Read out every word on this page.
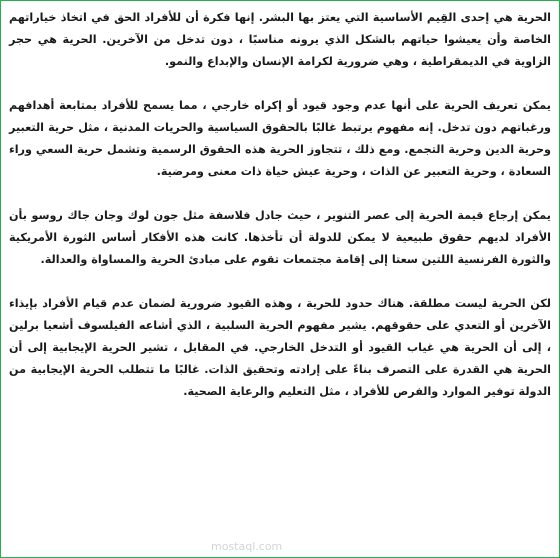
الحرية هي إحدى القِيم الأساسية التي يعتز بها البشر. إنها فكرة أن للأفراد الحق في اتخاذ خياراتهم الخاصة وأن يعيشوا حياتهم بالشكل الذي يرونه مناسبًا ، دون تدخل من الآخرين. الحرية هي حجر الزاوية في الديمقراطية ، وهي ضرورية لكرامة الإنسان والإبداع والنمو.

يمكن تعريف الحرية على أنها عدم وجود قيود أو إكراه خارجي ، مما يسمح للأفراد بمتابعة أهدافهم ورغباتهم دون تدخل. إنه مفهوم يرتبط غالبًا بالحقوق السياسية والحريات المدنية ، مثل حرية التعبير وحرية الدين وحرية التجمع. ومع ذلك ، تتجاوز الحرية هذه الحقوق الرسمية وتشمل حرية السعي وراء السعادة ، وحرية التعبير عن الذات ، وحرية عيش حياة ذات معنى ومرضية.

يمكن إرجاع قيمة الحرية إلى عصر التنوير ، حيث جادل فلاسفة مثل جون لوك وجان جاك روسو بأن الأفراد لديهم حقوق طبيعية لا يمكن للدولة أن تأخذها. كانت هذه الأفكار أساس الثورة الأمريكية والثورة الفرنسية اللتين سعتا إلى إقامة مجتمعات تقوم على مبادئ الحرية والمساواة والعدالة.

لكن الحرية ليست مطلقة. هناك حدود للحرية ، وهذه القيود ضرورية لضمان عدم قيام الأفراد بإيذاء الآخرين أو التعدي على حقوقهم. يشير مفهوم الحرية السلبية ، الذي أشاعه الفيلسوف أشعيا برلين ، إلى أن الحرية هي غياب القيود أو التدخل الخارجي. في المقابل ، تشير الحرية الإيجابية إلى أن الحرية هي القدرة على التصرف بناءً على إرادته وتحقيق الذات. غالبًا ما تتطلب الحرية الإيجابية من الدولة توفير الموارد والفرص للأفراد ، مثل التعليم والرعاية الصحية.

mostaql.com
